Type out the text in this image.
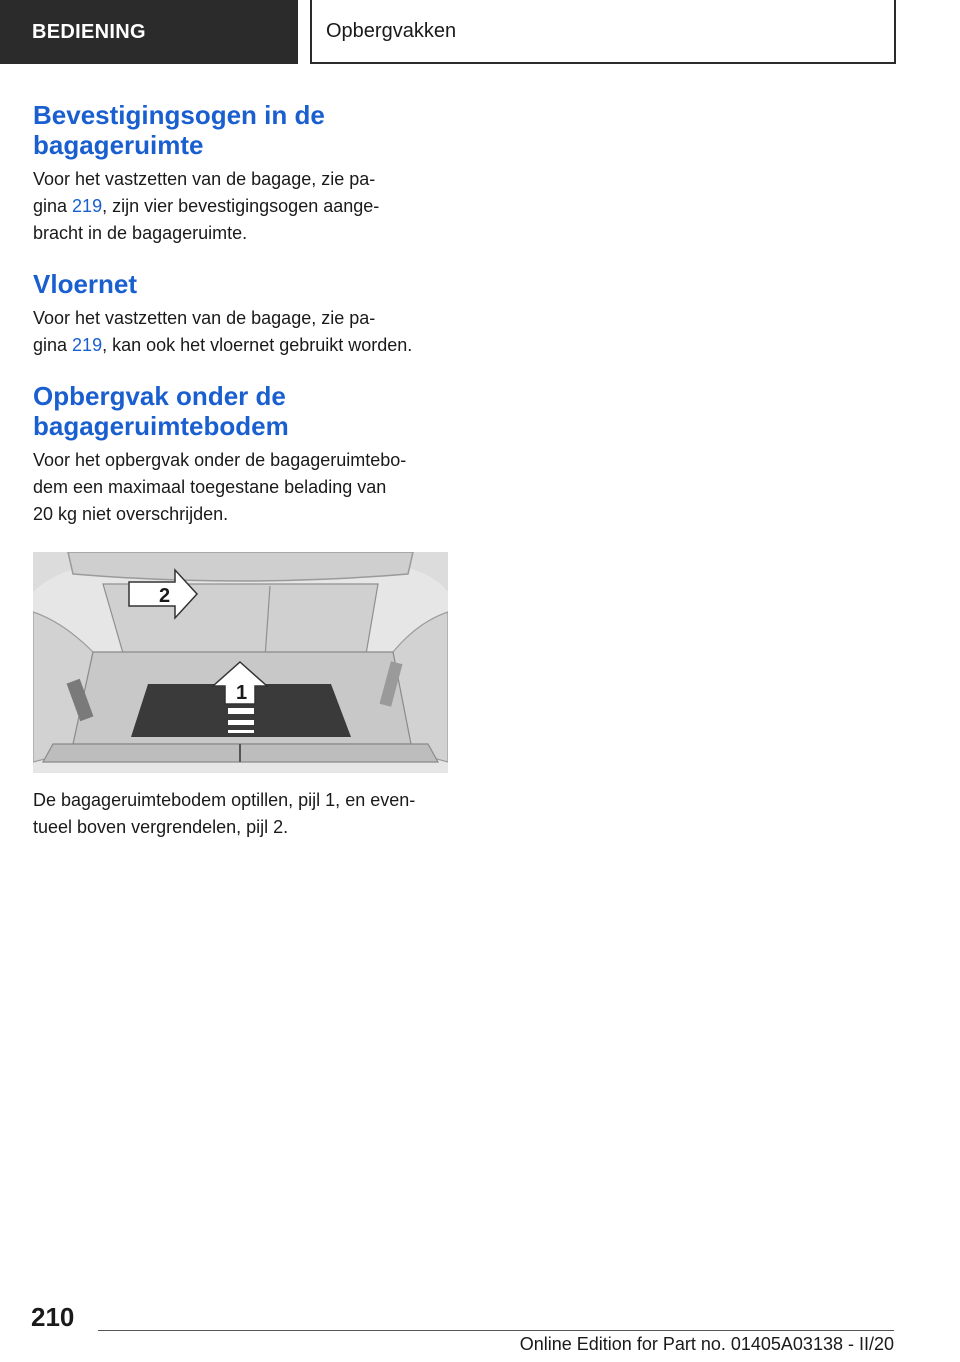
BEDIENING	Opbergvakken
Bevestigingsogen in de
bagageruimte

Voor het vastzetten van de bagage, zie pa-
gina 219, zijn vier bevestigingsogen aange-
bracht in de bagageruimte.

Vloernet

Voor het vastzetten van de bagage, zie pa-
gina 219, kan ook het vloernet gebruikt worden.

Opbergvak onder de
bagageruimtebodem

Voor het opbergvak onder de bagageruimtebo-
dem een maximaal toegestane belading van
20 kg niet overschrijden.

2
1

De bagageruimtebodem optillen, pijl 1, en even-
tueel boven vergrendelen, pijl 2.

210
Online Edition for Part no. 01405A03138 - II/20
